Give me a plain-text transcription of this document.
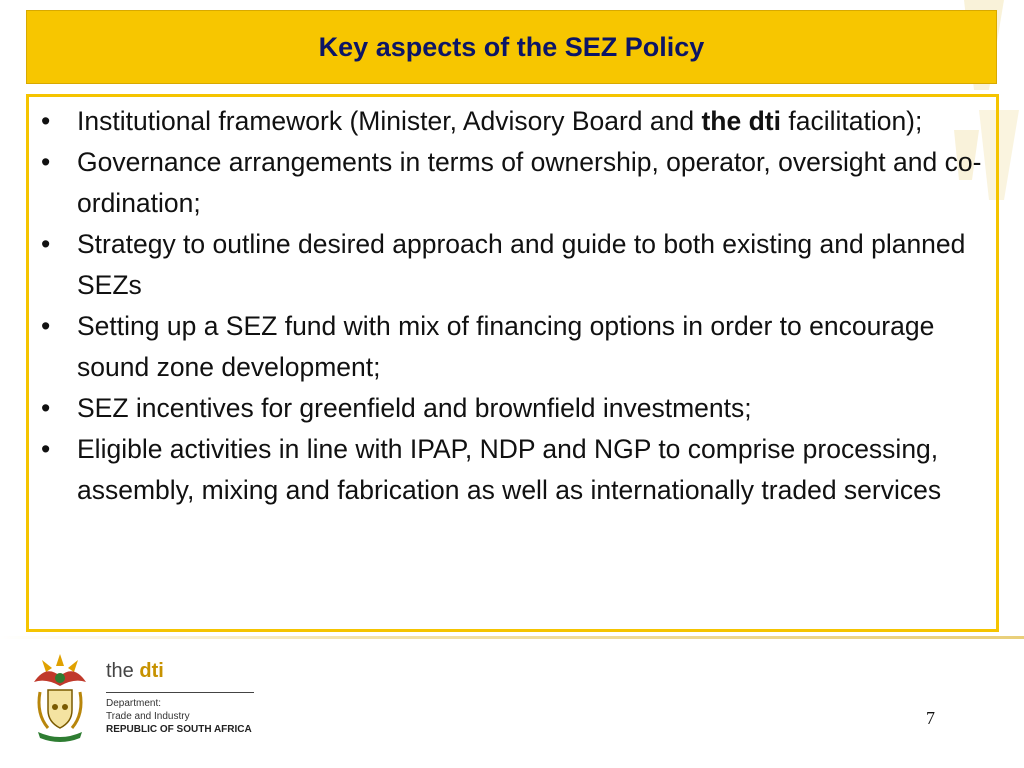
Key aspects of the SEZ Policy
• Institutional framework (Minister, Advisory Board and the dti facilitation);
• Governance arrangements in terms of ownership, operator, oversight and co-ordination;
• Strategy to outline desired approach and guide to both existing and planned SEZs
• Setting up a SEZ fund with mix of financing options in order to encourage sound zone development;
• SEZ incentives for greenfield and brownfield investments;
• Eligible activities in line with IPAP, NDP and NGP to comprise processing, assembly, mixing and fabrication as well as internationally traded services
the dti
Department:
Trade and Industry
REPUBLIC OF SOUTH AFRICA
7
